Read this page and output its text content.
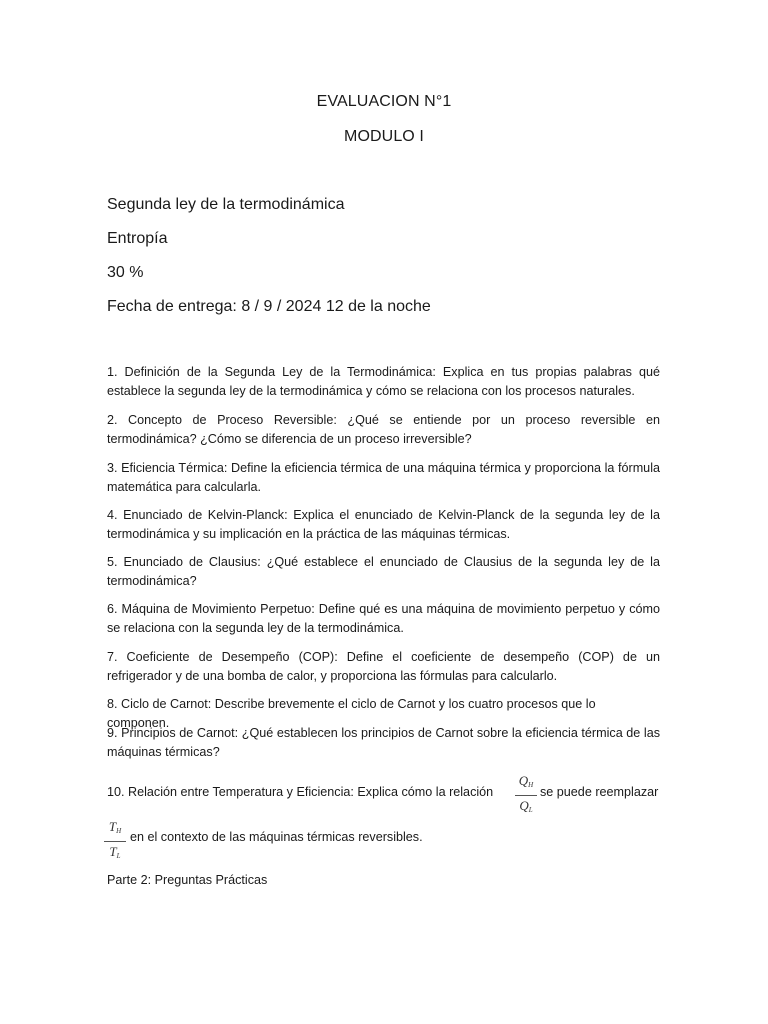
EVALUACION N°1
MODULO I
Segunda ley de la termodinámica
Entropía
30 %
Fecha de entrega: 8 / 9 / 2024 12 de la noche
1. Definición de la Segunda Ley de la Termodinámica: Explica en tus propias palabras qué establece la segunda ley de la termodinámica y cómo se relaciona con los procesos naturales.
2. Concepto de Proceso Reversible: ¿Qué se entiende por un proceso reversible en termodinámica? ¿Cómo se diferencia de un proceso irreversible?
3. Eficiencia Térmica: Define la eficiencia térmica de una máquina térmica y proporciona la fórmula matemática para calcularla.
4. Enunciado de Kelvin-Planck: Explica el enunciado de Kelvin-Planck de la segunda ley de la termodinámica y su implicación en la práctica de las máquinas térmicas.
5. Enunciado de Clausius: ¿Qué establece el enunciado de Clausius de la segunda ley de la termodinámica?
6. Máquina de Movimiento Perpetuo: Define qué es una máquina de movimiento perpetuo y cómo se relaciona con la segunda ley de la termodinámica.
7. Coeficiente de Desempeño (COP): Define el coeficiente de desempeño (COP) de un refrigerador y de una bomba de calor, y proporciona las fórmulas para calcularlo.
8. Ciclo de Carnot: Describe brevemente el ciclo de Carnot y los cuatro procesos que lo componen.
9. Principios de Carnot: ¿Qué establecen los principios de Carnot sobre la eficiencia térmica de las máquinas térmicas?
10. Relación entre Temperatura y Eficiencia: Explica cómo la relación
$Q_H$
$Q_L$
se puede reemplazar
$T_H$
$T_L$
en el contexto de las máquinas térmicas reversibles.
Parte 2: Preguntas Prácticas
